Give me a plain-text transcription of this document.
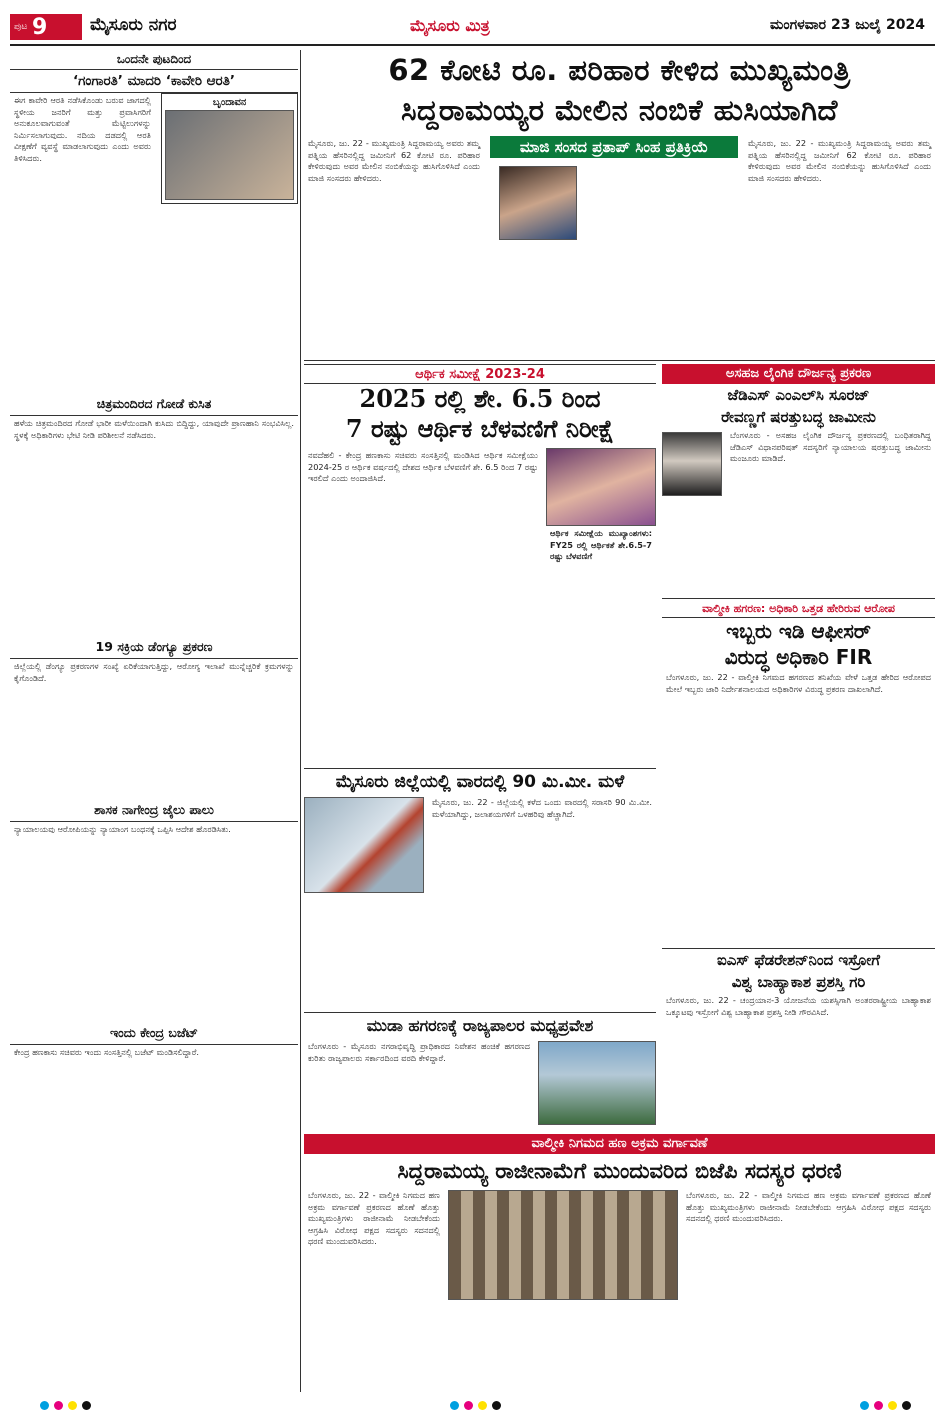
ಪುಟ 9	ಮೈಸೂರು ನಗರ	ಮೈಸೂರು ಮಿತ್ರ	ಮಂಗಳವಾರ 23 ಜುಲೈ 2024
ಒಂದನೇ ಪುಟದಿಂದ
‘ಗಂಗಾರತಿ’ ಮಾದರಿ ‘ಕಾವೇರಿ ಆರತಿ’
ಈಗ ಕಾವೇರಿ ಆರತಿ ನಡೆಸಿಕೊಂಡು ಬರುವ ಜಾಗದಲ್ಲಿ ಸ್ಥಳೀಯ ಜನರಿಗೆ ಮತ್ತು ಪ್ರವಾಸಿಗರಿಗೆ ಅನುಕೂಲವಾಗುವಂತೆ ಮೆಟ್ಟಿಲುಗಳನ್ನು ನಿರ್ಮಿಸಲಾಗುವುದು. ನದಿಯ ದಡದಲ್ಲಿ ಆರತಿ ವೀಕ್ಷಣೆಗೆ ವ್ಯವಸ್ಥೆ ಮಾಡಲಾಗುವುದು ಎಂದು ಅವರು ತಿಳಿಸಿದರು.
ಬೃಂದಾವನ
ಚಿತ್ರಮಂದಿರದ ಗೋಡೆ ಕುಸಿತ
ಹಳೆಯ ಚಿತ್ರಮಂದಿರದ ಗೋಡೆ ಭಾರೀ ಮಳೆಯಿಂದಾಗಿ ಕುಸಿದು ಬಿದ್ದಿದ್ದು, ಯಾವುದೇ ಪ್ರಾಣಹಾನಿ ಸಂಭವಿಸಿಲ್ಲ. ಸ್ಥಳಕ್ಕೆ ಅಧಿಕಾರಿಗಳು ಭೇಟಿ ನೀಡಿ ಪರಿಶೀಲನೆ ನಡೆಸಿದರು.
19 ಸಕ್ರಿಯ ಡೆಂಗ್ಯೂ ಪ್ರಕರಣ
ಜಿಲ್ಲೆಯಲ್ಲಿ ಡೆಂಗ್ಯೂ ಪ್ರಕರಣಗಳ ಸಂಖ್ಯೆ ಏರಿಕೆಯಾಗುತ್ತಿದ್ದು, ಆರೋಗ್ಯ ಇಲಾಖೆ ಮುನ್ನೆಚ್ಚರಿಕೆ ಕ್ರಮಗಳನ್ನು ಕೈಗೊಂಡಿದೆ.
ಶಾಸಕ ನಾಗೇಂದ್ರ ಜೈಲು ಪಾಲು
ನ್ಯಾಯಾಲಯವು ಆರೋಪಿಯನ್ನು ನ್ಯಾಯಾಂಗ ಬಂಧನಕ್ಕೆ ಒಪ್ಪಿಸಿ ಆದೇಶ ಹೊರಡಿಸಿತು.
ಇಂದು ಕೇಂದ್ರ ಬಜೆಟ್
ಕೇಂದ್ರ ಹಣಕಾಸು ಸಚಿವರು ಇಂದು ಸಂಸತ್ತಿನಲ್ಲಿ ಬಜೆಟ್ ಮಂಡಿಸಲಿದ್ದಾರೆ.
62 ಕೋಟಿ ರೂ. ಪರಿಹಾರ ಕೇಳಿದ ಮುಖ್ಯಮಂತ್ರಿ
ಸಿದ್ದರಾಮಯ್ಯರ ಮೇಲಿನ ನಂಬಿಕೆ ಹುಸಿಯಾಗಿದೆ
ಮೈಸೂರು, ಜು. 22 - ಮುಖ್ಯಮಂತ್ರಿ ಸಿದ್ದರಾಮಯ್ಯ ಅವರು ತಮ್ಮ ಪತ್ನಿಯ ಹೆಸರಿನಲ್ಲಿದ್ದ ಜಮೀನಿಗೆ 62 ಕೋಟಿ ರೂ. ಪರಿಹಾರ ಕೇಳಿರುವುದು ಅವರ ಮೇಲಿನ ನಂಬಿಕೆಯನ್ನು ಹುಸಿಗೊಳಿಸಿದೆ ಎಂದು ಮಾಜಿ ಸಂಸದರು ಹೇಳಿದರು.
ಮಾಜಿ ಸಂಸದ ಪ್ರತಾಪ್ ಸಿಂಹ ಪ್ರತಿಕ್ರಿಯೆ	ಮೈಸೂರು, ಜು. 22 - ಮುಖ್ಯಮಂತ್ರಿ ಸಿದ್ದರಾಮಯ್ಯ ಅವರು ತಮ್ಮ ಪತ್ನಿಯ ಹೆಸರಿನಲ್ಲಿದ್ದ ಜಮೀನಿಗೆ 62 ಕೋಟಿ ರೂ. ಪರಿಹಾರ ಕೇಳಿರುವುದು ಅವರ ಮೇಲಿನ ನಂಬಿಕೆಯನ್ನು ಹುಸಿಗೊಳಿಸಿದೆ ಎಂದು ಮಾಜಿ ಸಂಸದರು ಹೇಳಿದರು.
ಆರ್ಥಿಕ ಸಮೀಕ್ಷೆ 2023-24
2025 ರಲ್ಲಿ ಶೇ. 6.5 ರಿಂದ
7 ರಷ್ಟು ಆರ್ಥಿಕ ಬೆಳವಣಿಗೆ ನಿರೀಕ್ಷೆ
ನವದೆಹಲಿ - ಕೇಂದ್ರ ಹಣಕಾಸು ಸಚಿವರು ಸಂಸತ್ತಿನಲ್ಲಿ ಮಂಡಿಸಿದ ಆರ್ಥಿಕ ಸಮೀಕ್ಷೆಯು 2024-25 ರ ಆರ್ಥಿಕ ವರ್ಷದಲ್ಲಿ ದೇಶದ ಆರ್ಥಿಕ ಬೆಳವಣಿಗೆ ಶೇ. 6.5 ರಿಂದ 7 ರಷ್ಟು ಇರಲಿದೆ ಎಂದು ಅಂದಾಜಿಸಿದೆ.
ಆರ್ಥಿಕ ಸಮೀಕ್ಷೆಯ ಮುಖ್ಯಾಂಶಗಳು: FY25 ರಲ್ಲಿ ಆರ್ಥಿಕತೆ ಶೇ.6.5-7 ರಷ್ಟು ಬೆಳವಣಿಗೆ
ಅಸಹಜ ಲೈಂಗಿಕ ದೌರ್ಜನ್ಯ ಪ್ರಕರಣ
ಜೆಡಿಎಸ್ ಎಂಎಲ್‌ಸಿ ಸೂರಜ್
ರೇವಣ್ಣಗೆ ಷರತ್ತುಬದ್ಧ ಜಾಮೀನು
ಬೆಂಗಳೂರು - ಅಸಹಜ ಲೈಂಗಿಕ ದೌರ್ಜನ್ಯ ಪ್ರಕರಣದಲ್ಲಿ ಬಂಧಿತರಾಗಿದ್ದ ಜೆಡಿಎಸ್ ವಿಧಾನಪರಿಷತ್ ಸದಸ್ಯರಿಗೆ ನ್ಯಾಯಾಲಯ ಷರತ್ತುಬದ್ಧ ಜಾಮೀನು ಮಂಜೂರು ಮಾಡಿದೆ.
ವಾಲ್ಮೀಕಿ ಹಗರಣ: ಅಧಿಕಾರಿ ಒತ್ತಡ ಹೇರಿರುವ ಆರೋಪ
ಇಬ್ಬರು ಇಡಿ ಆಫೀಸರ್
ವಿರುದ್ಧ ಅಧಿಕಾರಿ FIR
ಬೆಂಗಳೂರು, ಜು. 22 - ವಾಲ್ಮೀಕಿ ನಿಗಮದ ಹಗರಣದ ತನಿಖೆಯ ವೇಳೆ ಒತ್ತಡ ಹೇರಿದ ಆರೋಪದ ಮೇಲೆ ಇಬ್ಬರು ಜಾರಿ ನಿರ್ದೇಶನಾಲಯದ ಅಧಿಕಾರಿಗಳ ವಿರುದ್ಧ ಪ್ರಕರಣ ದಾಖಲಾಗಿದೆ.
ಮೈಸೂರು ಜಿಲ್ಲೆಯಲ್ಲಿ ವಾರದಲ್ಲಿ 90 ಮಿ.ಮೀ. ಮಳೆ
ಮೈಸೂರು, ಜು. 22 - ಜಿಲ್ಲೆಯಲ್ಲಿ ಕಳೆದ ಒಂದು ವಾರದಲ್ಲಿ ಸರಾಸರಿ 90 ಮಿ.ಮೀ. ಮಳೆಯಾಗಿದ್ದು, ಜಲಾಶಯಗಳಿಗೆ ಒಳಹರಿವು ಹೆಚ್ಚಾಗಿದೆ.
ಐಎಸ್ ಫೆಡರೇಶನ್‌ನಿಂದ ಇಸ್ರೋಗೆ
ವಿಶ್ವ ಬಾಹ್ಯಾಕಾಶ ಪ್ರಶಸ್ತಿ ಗರಿ
ಬೆಂಗಳೂರು, ಜು. 22 - ಚಂದ್ರಯಾನ-3 ಯೋಜನೆಯ ಯಶಸ್ಸಿಗಾಗಿ ಅಂತರರಾಷ್ಟ್ರೀಯ ಬಾಹ್ಯಾಕಾಶ ಒಕ್ಕೂಟವು ಇಸ್ರೋಗೆ ವಿಶ್ವ ಬಾಹ್ಯಾಕಾಶ ಪ್ರಶಸ್ತಿ ನೀಡಿ ಗೌರವಿಸಿದೆ.
ಮುಡಾ ಹಗರಣಕ್ಕೆ ರಾಜ್ಯಪಾಲರ ಮಧ್ಯಪ್ರವೇಶ
ಬೆಂಗಳೂರು - ಮೈಸೂರು ನಗರಾಭಿವೃದ್ಧಿ ಪ್ರಾಧಿಕಾರದ ನಿವೇಶನ ಹಂಚಿಕೆ ಹಗರಣದ ಕುರಿತು ರಾಜ್ಯಪಾಲರು ಸರ್ಕಾರದಿಂದ ವರದಿ ಕೇಳಿದ್ದಾರೆ.
ವಾಲ್ಮೀಕಿ ನಿಗಮದ ಹಣ ಅಕ್ರಮ ವರ್ಗಾವಣೆ
ಸಿದ್ದರಾಮಯ್ಯ ರಾಜೀನಾಮೆಗೆ ಮುಂದುವರಿದ ಬಿಜೆಪಿ ಸದಸ್ಯರ ಧರಣಿ
ಬೆಂಗಳೂರು, ಜು. 22 - ವಾಲ್ಮೀಕಿ ನಿಗಮದ ಹಣ ಅಕ್ರಮ ವರ್ಗಾವಣೆ ಪ್ರಕರಣದ ಹೊಣೆ ಹೊತ್ತು ಮುಖ್ಯಮಂತ್ರಿಗಳು ರಾಜೀನಾಮೆ ನೀಡಬೇಕೆಂದು ಆಗ್ರಹಿಸಿ ವಿರೋಧ ಪಕ್ಷದ ಸದಸ್ಯರು ಸದನದಲ್ಲಿ ಧರಣಿ ಮುಂದುವರಿಸಿದರು.
ಬೆಂಗಳೂರು, ಜು. 22 - ವಾಲ್ಮೀಕಿ ನಿಗಮದ ಹಣ ಅಕ್ರಮ ವರ್ಗಾವಣೆ ಪ್ರಕರಣದ ಹೊಣೆ ಹೊತ್ತು ಮುಖ್ಯಮಂತ್ರಿಗಳು ರಾಜೀನಾಮೆ ನೀಡಬೇಕೆಂದು ಆಗ್ರಹಿಸಿ ವಿರೋಧ ಪಕ್ಷದ ಸದಸ್ಯರು ಸದನದಲ್ಲಿ ಧರಣಿ ಮುಂದುವರಿಸಿದರು.
